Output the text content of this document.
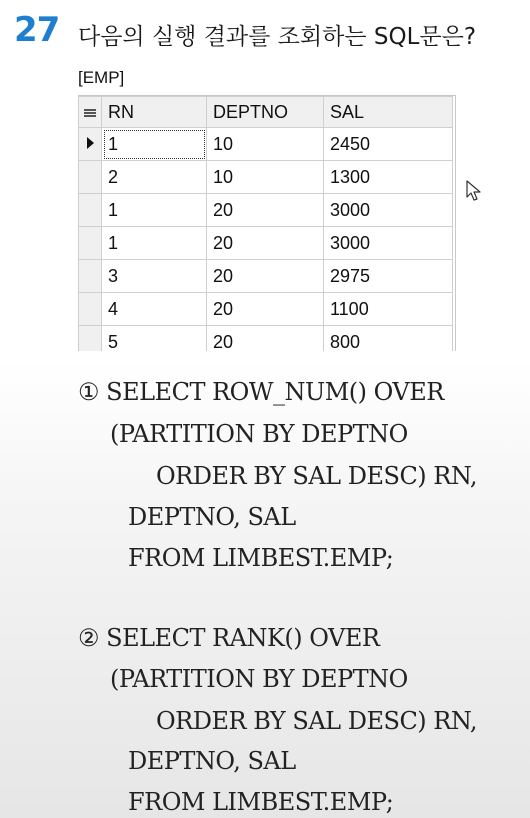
27 다음의 실행 결과를 조회하는 SQL문은?
[EMP]
	RN	DEPTNO	SAL
	1	10	2450
	2	10	1300
	1	20	3000
	1	20	3000
	3	20	2975
	4	20	1100
	5	20	800
① SELECT ROW_NUM() OVER
(PARTITION BY DEPTNO
ORDER BY SAL DESC) RN,
DEPTNO, SAL
FROM LIMBEST.EMP;
② SELECT RANK() OVER
(PARTITION BY DEPTNO
ORDER BY SAL DESC) RN,
DEPTNO, SAL
FROM LIMBEST.EMP;
